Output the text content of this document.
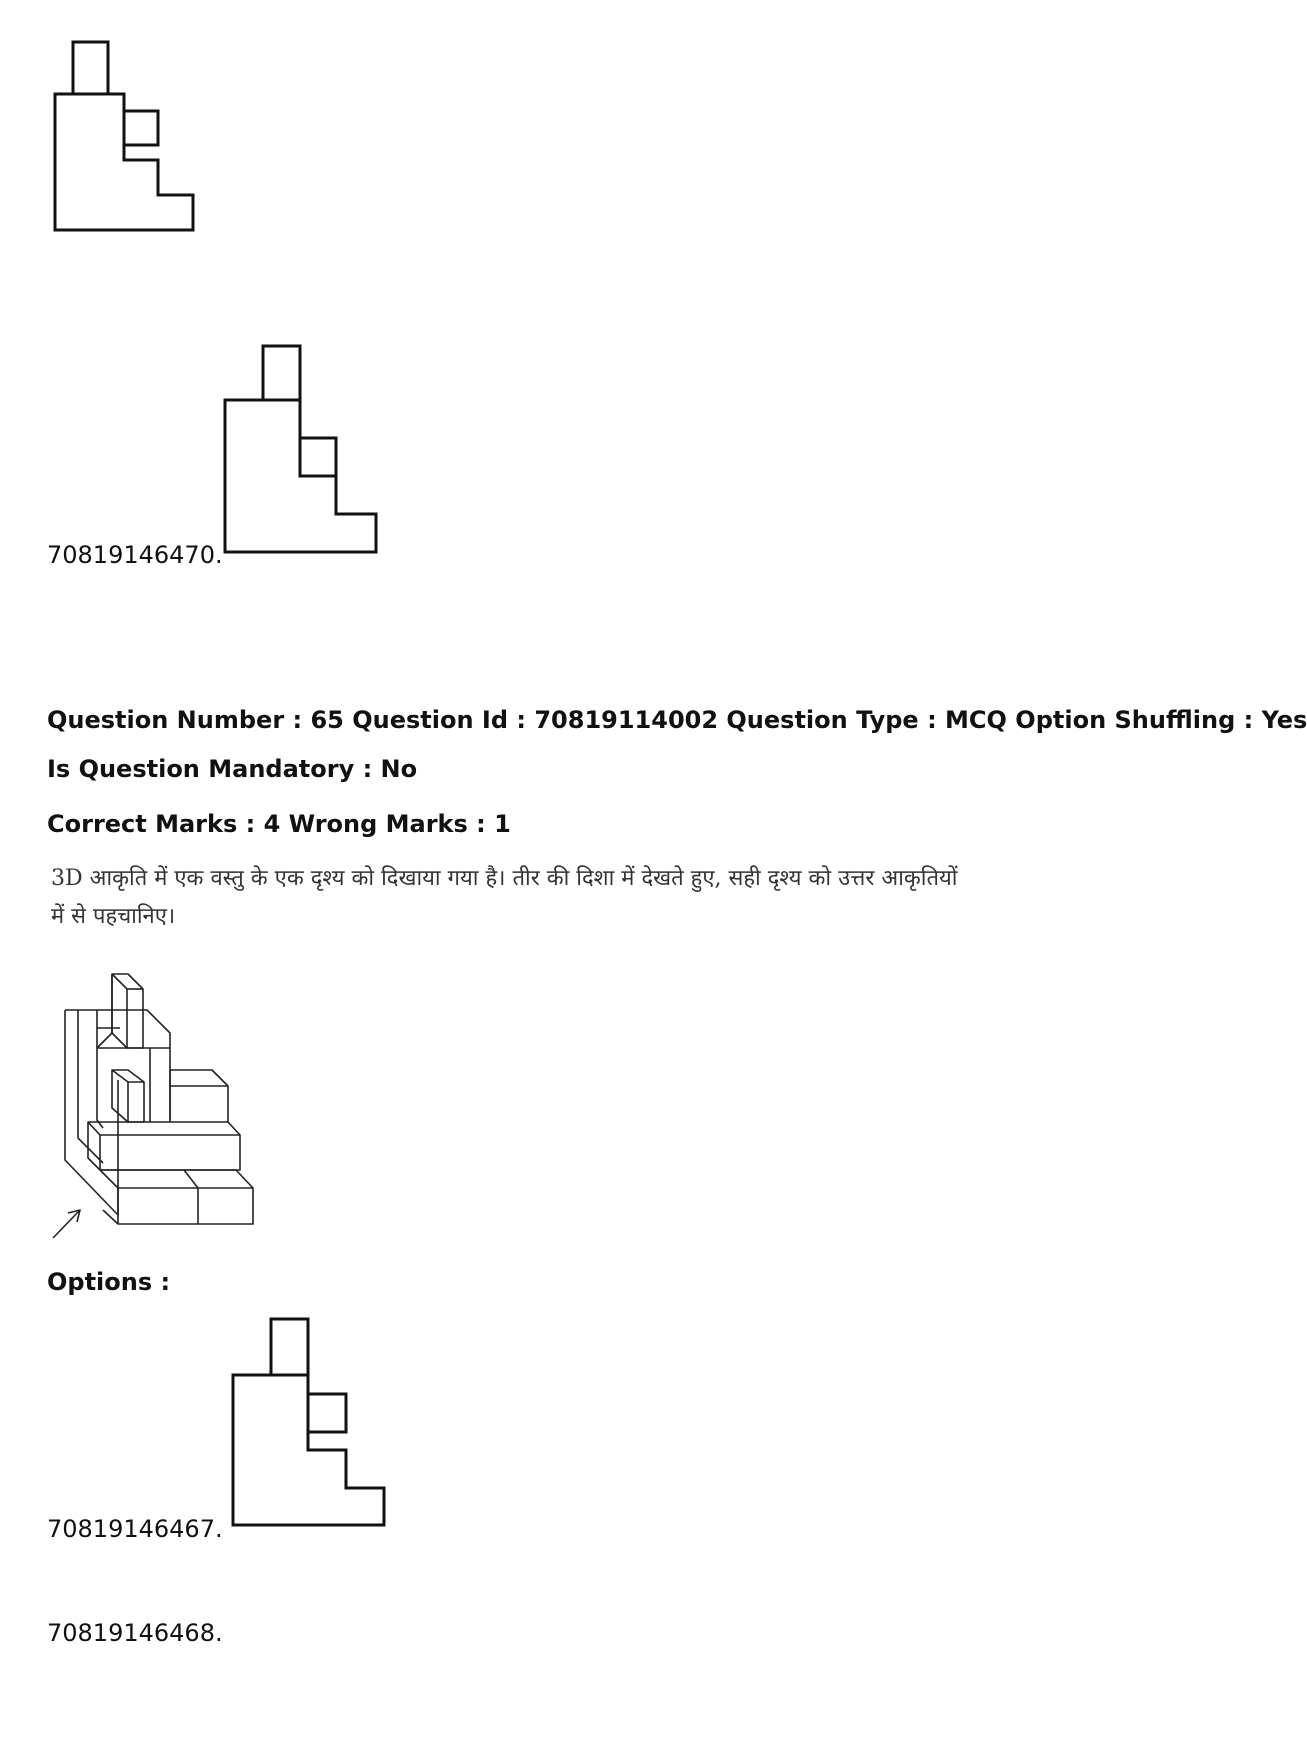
70819146470.
Question Number : 65 Question Id : 70819114002 Question Type : MCQ Option Shuffling : Yes
Is Question Mandatory : No
Correct Marks : 4 Wrong Marks : 1
3D आकृति में एक वस्तु के एक दृश्य को दिखाया गया है। तीर की दिशा में देखते हुए, सही दृश्य को उत्तर आकृतियों
में से पहचानिए।
Options :
70819146467.
70819146468.
